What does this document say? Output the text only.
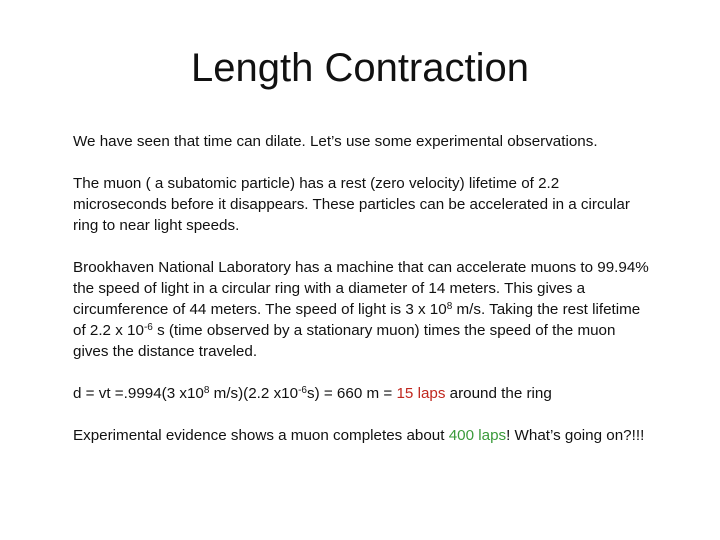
Length Contraction

We have seen that time can dilate. Let’s use some experimental observations.

The muon ( a subatomic particle) has a rest (zero velocity) lifetime of 2.2 microseconds before it disappears. These particles can be accelerated in a circular ring to near light speeds.

Brookhaven National Laboratory has a machine that can accelerate muons to 99.94% the speed of light in a circular ring with a diameter of 14 meters. This gives a circumference of 44 meters. The speed of light is 3 x $10^8$ m/s. Taking the rest lifetime of 2.2 x $10^{-6}$ s (time observed by a stationary muon) times the speed of the muon gives the distance traveled.

d = vt =.9994(3 $x10^8$ m/s)(2.2 $x10^{-6}s) = 660$ m = 15 laps around the ring

Experimental evidence shows a muon completes about 400 laps! What’s going on?!!!
